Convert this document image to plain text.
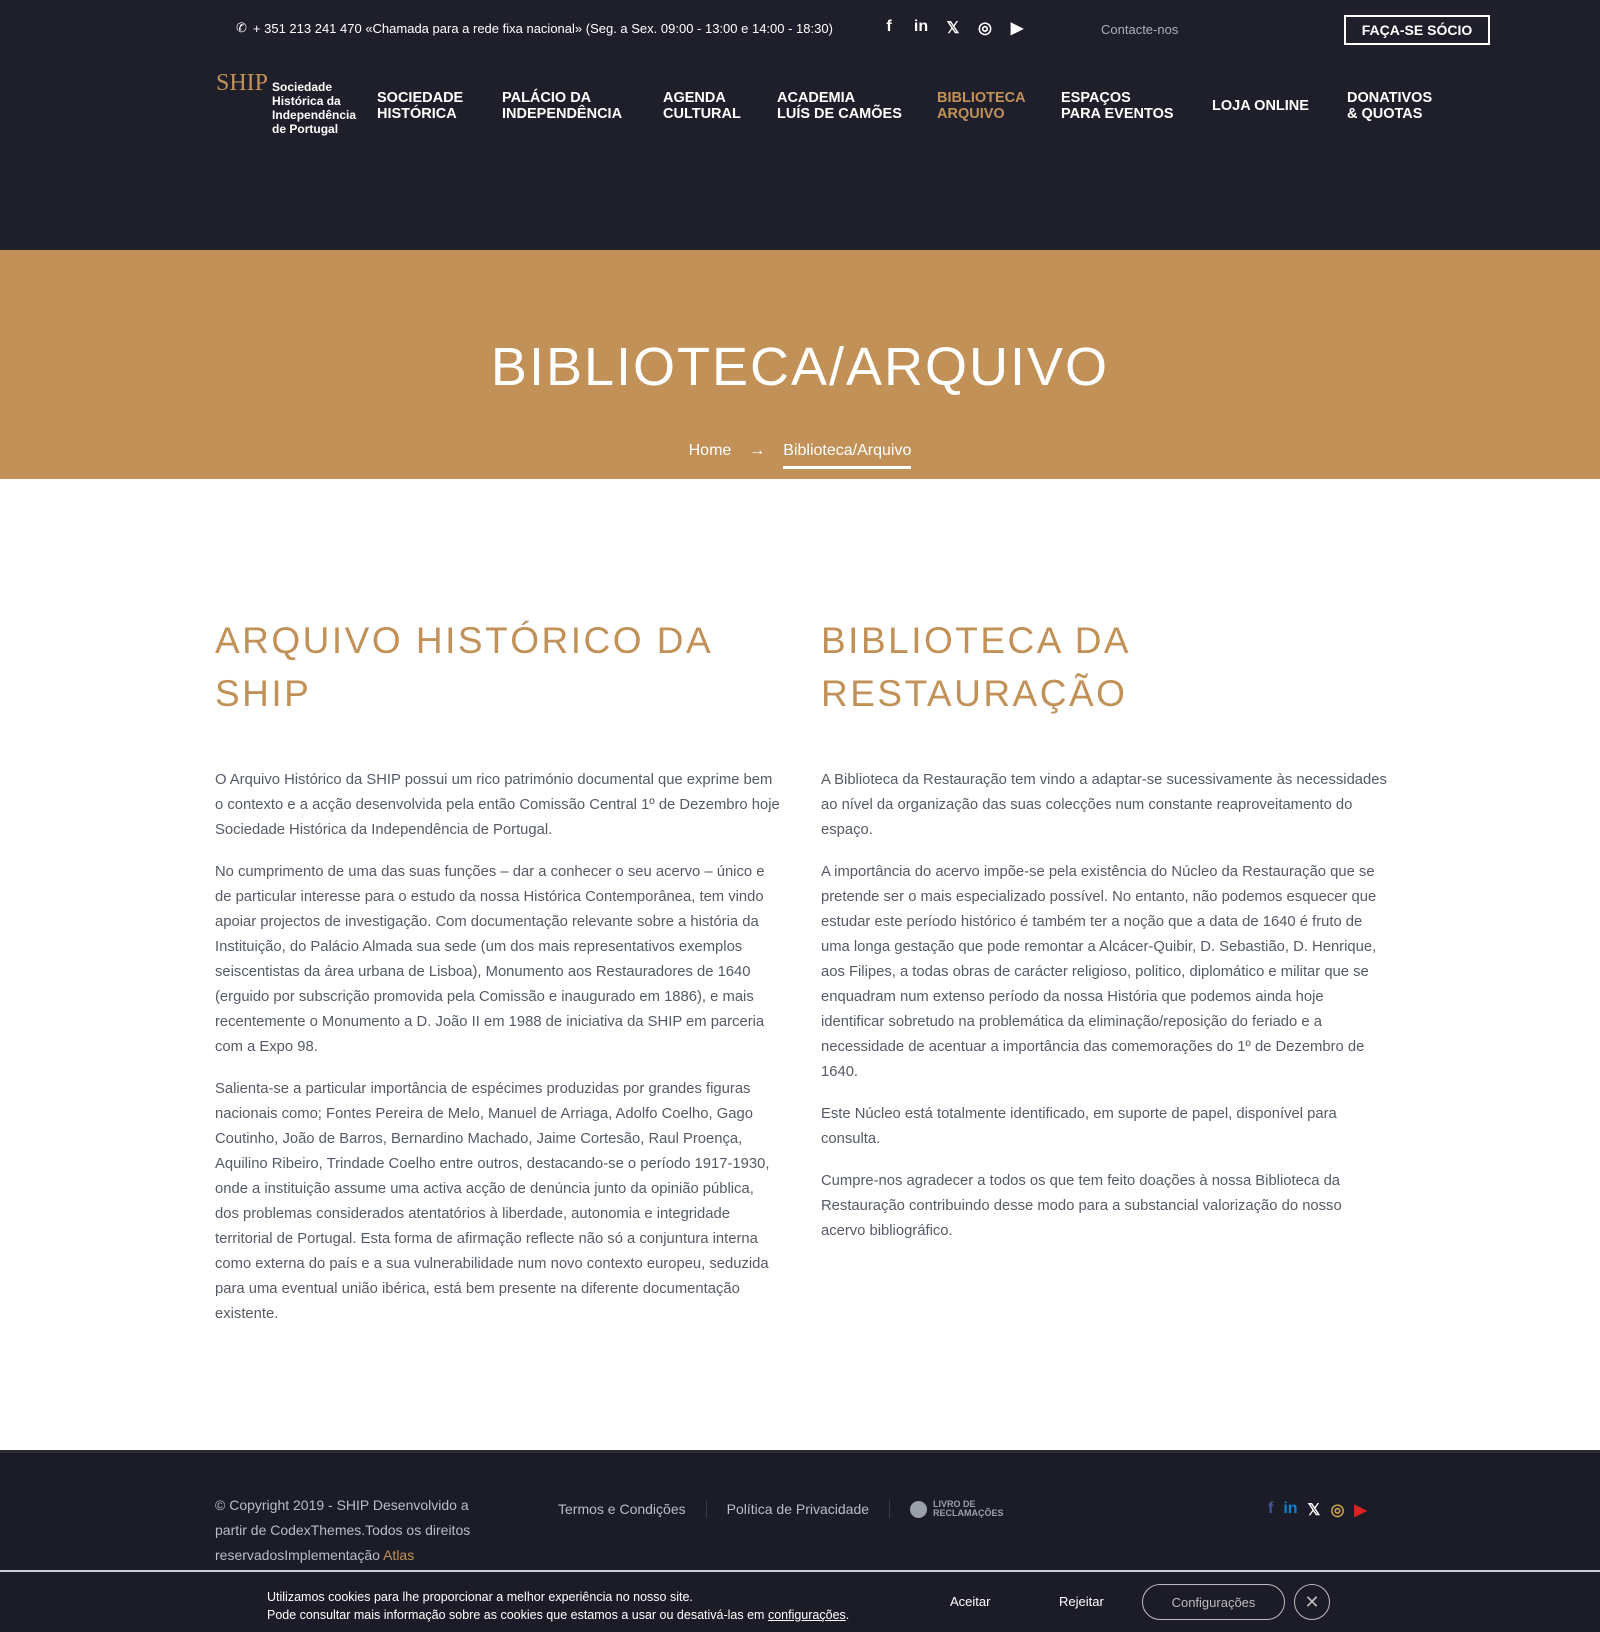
✆ + 351 213 241 470 «Chamada para a rede fixa nacional» (Seg. a Sex. 09:00 - 13:00 e 14:00 - 18:30)	f	in 𝕏 ◎ ▶	Contacte-nos	FAÇA-SE SÓCIO
SHIP Sociedade Histórica da Independência de Portugal
SOCIEDADE
HISTÓRICA
PALÁCIO DA
INDEPENDÊNCIA
AGENDA
CULTURAL
ACADEMIA
LUÍS DE CAMÕES
BIBLIOTECA
ARQUIVO
ESPAÇOS
PARA EVENTOS	LOJA ONLINE	DONATIVOS
& QUOTAS
BIBLIOTECA/ARQUIVO
Home → Biblioteca/Arquivo
ARQUIVO HISTÓRICO DA SHIP

O Arquivo Histórico da SHIP possui um rico património documental que exprime bem o contexto e a acção desenvolvida pela então Comissão Central 1º de Dezembro hoje Sociedade Histórica da Independência de Portugal.

No cumprimento de uma das suas funções – dar a conhecer o seu acervo – único e de particular interesse para o estudo da nossa Histórica Contemporânea, tem vindo apoiar projectos de investigação. Com documentação relevante sobre a história da Instituição, do Palácio Almada sua sede (um dos mais representativos exemplos seiscentistas da área urbana de Lisboa), Monumento aos Restauradores de 1640 (erguido por subscrição promovida pela Comissão e inaugurado em 1886), e mais recentemente o Monumento a D. João II em 1988 de iniciativa da SHIP em parceria com a Expo 98.

Salienta-se a particular importância de espécimes produzidas por grandes figuras nacionais como; Fontes Pereira de Melo, Manuel de Arriaga, Adolfo Coelho, Gago Coutinho, João de Barros, Bernardino Machado, Jaime Cortesão, Raul Proença, Aquilino Ribeiro, Trindade Coelho entre outros, destacando-se o período 1917-1930, onde a instituição assume uma activa acção de denúncia junto da opinião pública, dos problemas considerados atentatórios à liberdade, autonomia e integridade territorial de Portugal. Esta forma de afirmação reflecte não só a conjuntura interna como externa do país e a sua vulnerabilidade num novo contexto europeu, seduzida para uma eventual união ibérica, está bem presente na diferente documentação existente.

BIBLIOTECA DA RESTAURAÇÃO

A Biblioteca da Restauração tem vindo a adaptar-se sucessivamente às necessidades ao nível da organização das suas colecções num constante reaproveitamento do espaço.

A importância do acervo impõe-se pela existência do Núcleo da Restauração que se pretende ser o mais especializado possível. No entanto, não podemos esquecer que estudar este período histórico é também ter a noção que a data de 1640 é fruto de uma longa gestação que pode remontar a Alcácer-Quibir, D. Sebastião, D. Henrique, aos Filipes, a todas obras de carácter religioso, politico, diplomático e militar que se enquadram num extenso período da nossa História que podemos ainda hoje identificar sobretudo na problemática da eliminação/reposição do feriado e a necessidade de acentuar a importância das comemorações do 1º de Dezembro de 1640.

Este Núcleo está totalmente identificado, em suporte de papel, disponível para consulta.

Cumpre-nos agradecer a todos os que tem feito doações à nossa Biblioteca da Restauração contribuindo desse modo para a substancial valorização do nosso acervo bibliográfico.

© Copyright 2019 - SHIP Desenvolvido a partir de CodexThemes.Todos os direitos reservadosImplementação Atlas
Termos e Condições	Política de Privacidade	LIVRO DE RECLAMAÇÕES	f in 𝕏 ◎ ▶
Utilizamos cookies para lhe proporcionar a melhor experiência no nosso site.
Pode consultar mais informação sobre as cookies que estamos a usar ou desativá-las em configurações.
Aceitar	Rejeitar	Configurações	✕
